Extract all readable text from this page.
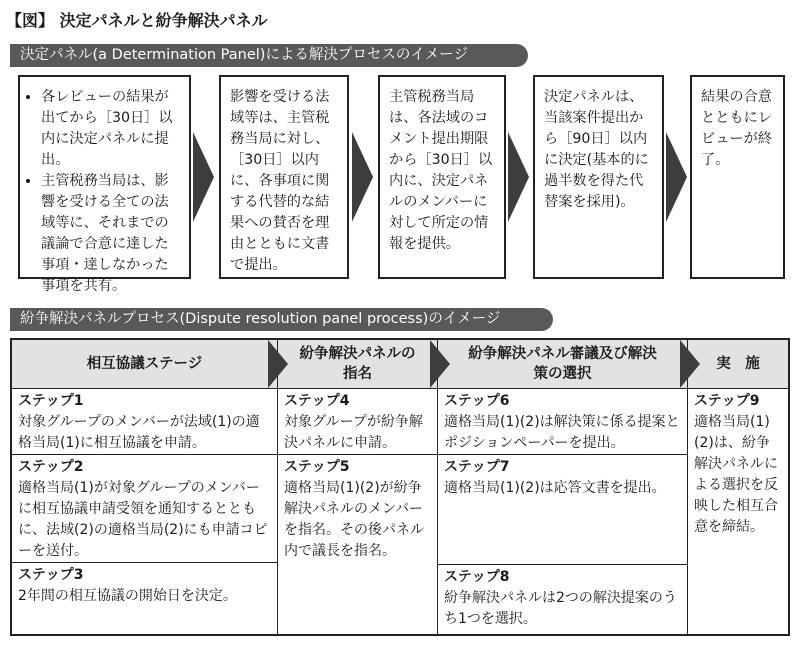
【図】 決定パネルと紛争解決パネル
決定パネル(a Determination Panel)による解決プロセスのイメージ
• 各レビューの結果が出てから［30日］以内に決定パネルに提出。
• 主管税務当局は、影響を受ける全ての法域等に、それまでの議論で合意に達した事項・達しなかった事項を共有。
影響を受ける法域等は、主管税務当局に対し、［30日］以内に、各事項に関する代替的な結果への賛否を理由とともに文書で提出。
主管税務当局は、各法域のコメント提出期限から［30日］以内に、決定パネルのメンバーに対して所定の情報を提供。
決定パネルは、当該案件提出から［90日］以内に決定(基本的に過半数を得た代替案を採用)。
結果の合意とともにレビューが終了。
紛争解決パネルプロセス(Dispute resolution panel process)のイメージ
相互協議ステージ
紛争解決パネルの指名
紛争解決パネル審議及び解決策の選択
実　施
ステップ1
対象グループのメンバーが法域(1)の適格当局(1)に相互協議を申請。
ステップ2
適格当局(1)が対象グループのメンバーに相互協議申請受領を通知するとともに、法域(2)の適格当局(2)にも申請コピーを送付。
ステップ3
2年間の相互協議の開始日を決定。
ステップ4
対象グループが紛争解決パネルに申請。
ステップ5
適格当局(1)(2)が紛争解決パネルのメンバーを指名。その後パネル内で議長を指名。
ステップ6
適格当局(1)(2)は解決策に係る提案とポジションペーパーを提出。
ステップ7
適格当局(1)(2)は応答文書を提出。
ステップ8
紛争解決パネルは2つの解決提案のうち1つを選択。
ステップ9
適格当局(1)(2)は、紛争解決パネルによる選択を反映した相互合意を締結。
